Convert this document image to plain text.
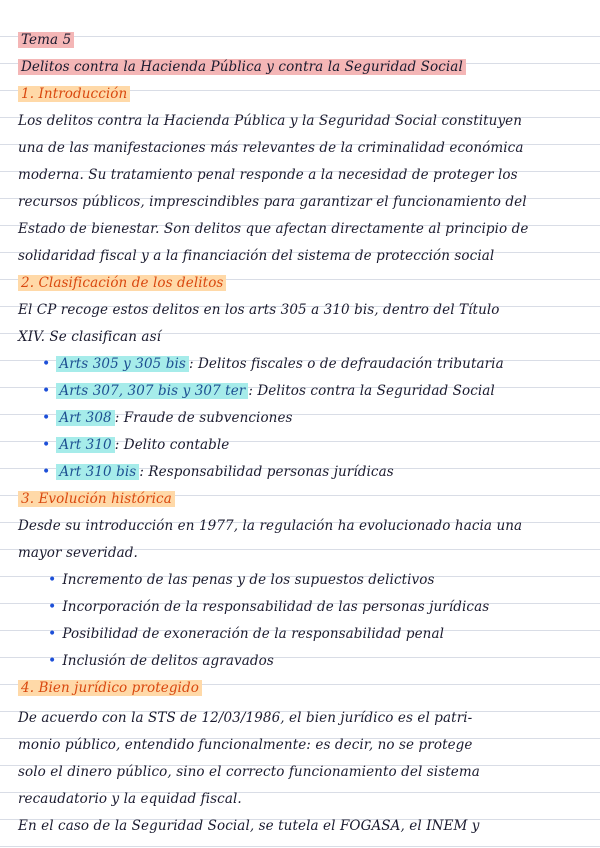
Tema 5
Delitos contra la Hacienda Pública y contra la Seguridad Social
1. Introducción
Los delitos contra la Hacienda Pública y la Seguridad Social constituyen
una de las manifestaciones más relevantes de la criminalidad económica
moderna. Su tratamiento penal responde a la necesidad de proteger los
recursos públicos, imprescindibles para garantizar el funcionamiento del
Estado de bienestar. Son delitos que afectan directamente al principio de
solidaridad fiscal y a la financiación del sistema de protección social
2. Clasificación de los delitos
El CP recoge estos delitos en los arts 305 a 310 bis, dentro del Título
XIV. Se clasifican así
• Arts 305 y 305 bis : Delitos fiscales o de defraudación tributaria
• Arts 307, 307 bis y 307 ter : Delitos contra la Seguridad Social
• Art 308 : Fraude de subvenciones
• Art 310 : Delito contable
• Art 310 bis : Responsabilidad personas jurídicas
3. Evolución histórica
Desde su introducción en 1977, la regulación ha evolucionado hacia una
mayor severidad.
• Incremento de las penas y de los supuestos delictivos
• Incorporación de la responsabilidad de las personas jurídicas
• Posibilidad de exoneración de la responsabilidad penal
• Inclusión de delitos agravados
4. Bien jurídico protegido
De acuerdo con la STS de 12/03/1986, el bien jurídico es el patri-
monio público, entendido funcionalmente: es decir, no se protege
solo el dinero público, sino el correcto funcionamiento del sistema
recaudatorio y la equidad fiscal.
En el caso de la Seguridad Social, se tutela el FOGASA, el INEM y
